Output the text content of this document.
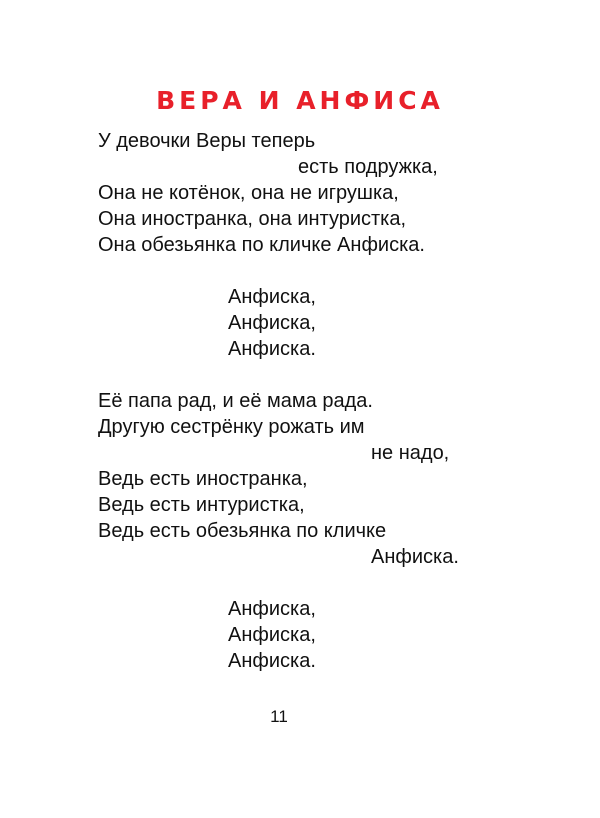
ВЕРА И АНФИСА

У девочки Веры теперь

есть подружка,

Она не котёнок, она не игрушка,

Она иностранка, она интуристка,

Она обезьянка по кличке Анфиска.

Анфиска,

Анфиска,

Анфиска.

Её папа рад, и её мама рада.

Другую сестрёнку рожать им

не надо,

Ведь есть иностранка,

Ведь есть интуристка,

Ведь есть обезьянка по кличке

Анфиска.

Анфиска,

Анфиска,

Анфиска.

11
